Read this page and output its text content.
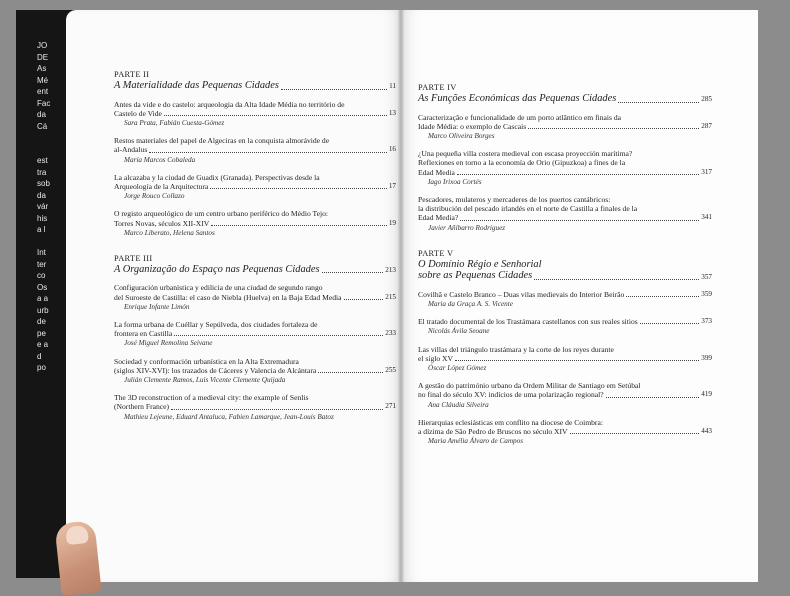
JO
DE
As
Mé
ent
Fac
da
Cá
est
tra
sob
da
vár
his
a l
Int
ter
co
Os
a a
urb
de
pe
e a
d
po
PARTE II
A Materialidade das Pequenas Cidades	11
Antes da vide e do castelo: arqueologia da Alta Idade Média no território de
Castelo de Vide	13
Sara Prata, Fabián Cuesta-Gómez
Restos materiales del papel de Algeciras en la conquista almorávide de
al-Andalus	16
María Marcos Cobaleda
La alcazaba y la ciudad de Guadix (Granada). Perspectivas desde la
Arqueología de la Arquitectura	17
Jorge Rouco Collazo
O registo arqueológico de um centro urbano periférico do Médio Tejo:
Torres Novas, séculos XII-XIV	19
Marco Liberato, Helena Santos
PARTE III
A Organização do Espaço nas Pequenas Cidades	213
Configuración urbanística y edilicia de una ciudad de segundo rango
del Suroeste de Castilla: el caso de Niebla (Huelva) en la Baja Edad Media	215
Enrique Infante Limón
La forma urbana de Cuéllar y Sepúlveda, dos ciudades fortaleza de
frontera en Castilla	233
José Miguel Remolina Seivane
Sociedad y conformación urbanística en la Alta Extremadura
(siglos XIV-XVI): los trazados de Cáceres y Valencia de Alcántara	255
Julián Clemente Ramos, Luis Vicente Clemente Quijada
The 3D reconstruction of a medieval city: the example of Senlis
(Northern France)	271
Mathieu Lejeune, Eduard Antaluca, Fabien Lamarque, Jean-Louis Batoz
PARTE IV
As Funções Económicas das Pequenas Cidades	285
Caracterização e funcionalidade de um porto atlântico em finais da
Idade Média: o exemplo de Cascais	287
Marco Oliveira Borges
¿Una pequeña villa costera medieval con escasa proyección marítima?
Reflexiones en torno a la economía de Orio (Gipuzkoa) a fines de la
Edad Media	317
Iago Irixoa Cortés
Pescadores, mulateros y mercaderes de los puertos cantábricos:
la distribución del pescado irlandés en el norte de Castilla a finales de la
Edad Media?	341
Javier Añíbarro Rodríguez
PARTE V
O Domínio Régio e Senhorial
sobre as Pequenas Cidades	357
Covilhã e Castelo Branco – Duas vilas medievais do Interior Beirão	359
Maria da Graça A. S. Vicente
El tratado documental de los Trastámara castellanos con sus reales sitios	373
Nicolás Ávila Seoane
Las villas del triángulo trastámara y la corte de los reyes durante
el siglo XV	399
Óscar López Gómez
A gestão do património urbano da Ordem Militar de Santiago em Setúbal
no final do século XV: indícios de uma polarização regional?	419
Ana Cláudia Silveira
Hierarquias eclesiásticas em conflito na diocese de Coimbra:
a dízima de São Pedro de Bruscos no século XIV	443
Maria Amélia Álvaro de Campos
